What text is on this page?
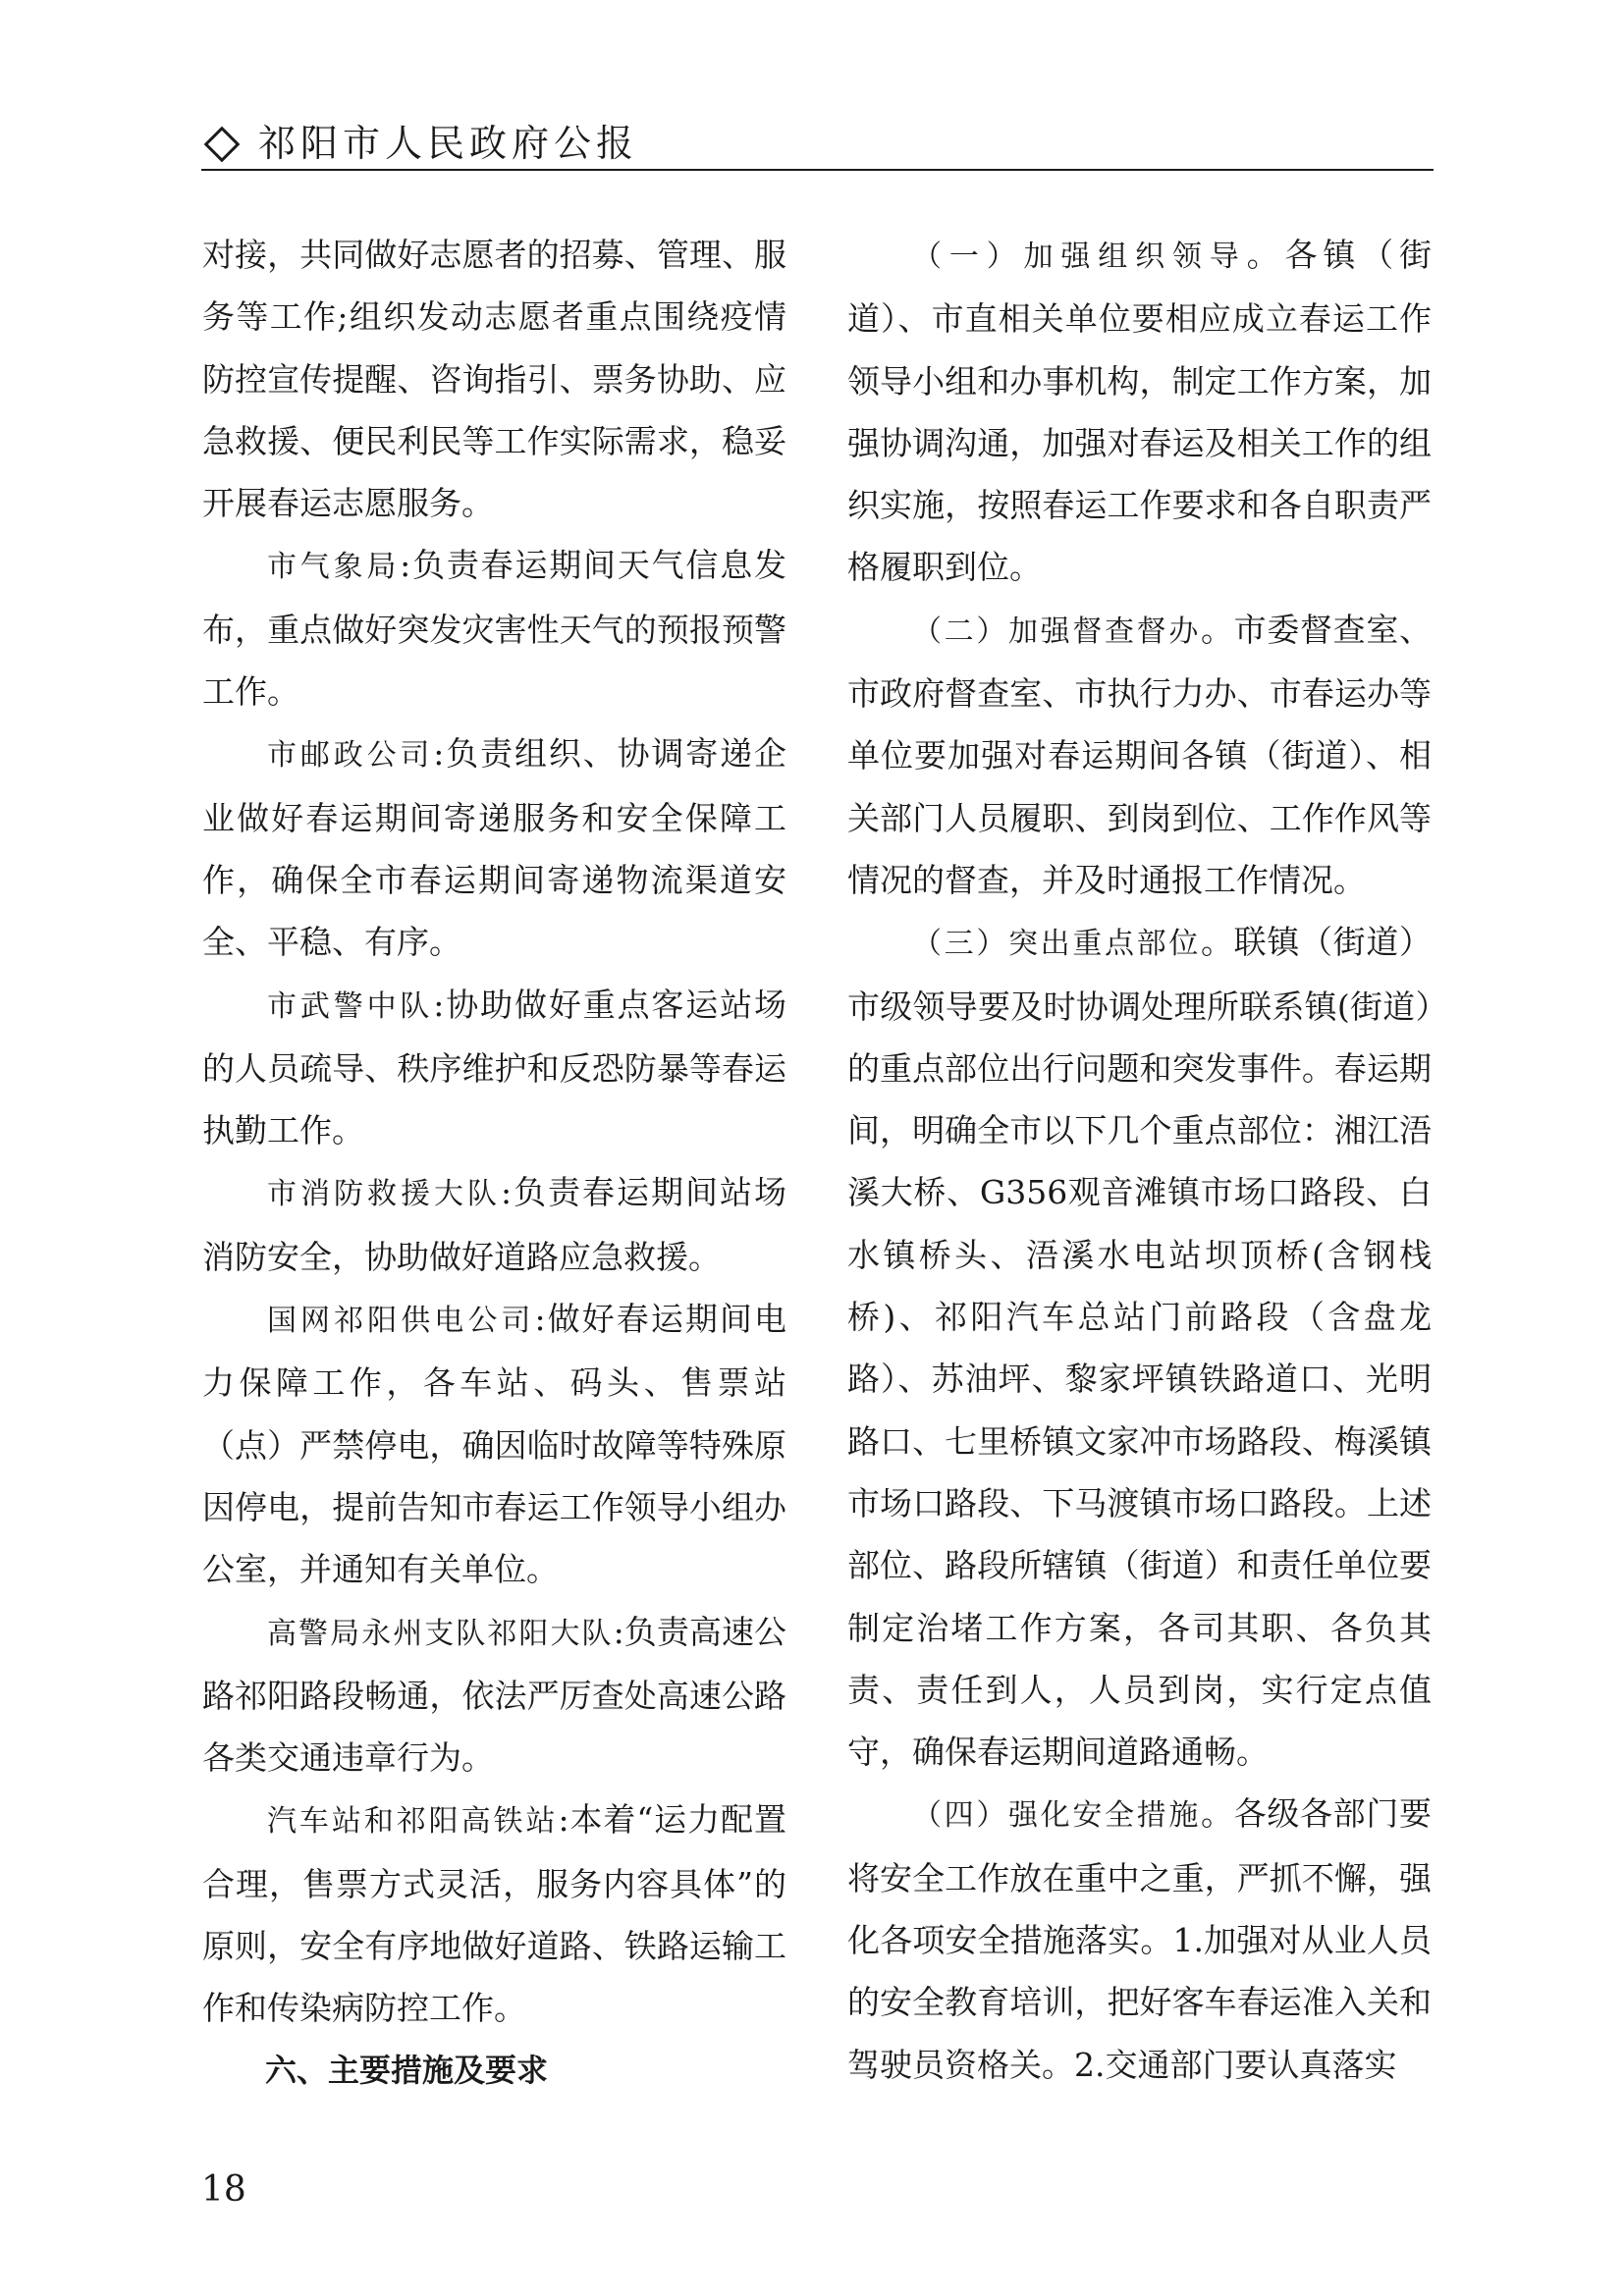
祁阳市人民政府公报

对接，共同做好志愿者的招募、管理、服务等工作;组织发动志愿者重点围绕疫情防控宣传提醒、咨询指引、票务协助、应急救援、便民利民等工作实际需求，稳妥开展春运志愿服务。

市气象局:负责春运期间天气信息发布，重点做好突发灾害性天气的预报预警工作。

市邮政公司:负责组织、协调寄递企业做好春运期间寄递服务和安全保障工作，确保全市春运期间寄递物流渠道安全、平稳、有序。

市武警中队:协助做好重点客运站场的人员疏导、秩序维护和反恐防暴等春运执勤工作。

市消防救援大队:负责春运期间站场消防安全，协助做好道路应急救援。

国网祁阳供电公司:做好春运期间电力保障工作，各车站、码头、售票站（点）严禁停电，确因临时故障等特殊原因停电，提前告知市春运工作领导小组办公室，并通知有关单位。

高警局永州支队祁阳大队:负责高速公路祁阳路段畅通，依法严厉查处高速公路各类交通违章行为。

汽车站和祁阳高铁站:本着“运力配置合理，售票方式灵活，服务内容具体”的原则，安全有序地做好道路、铁路运输工作和传染病防控工作。

六、主要措施及要求

（一）加强组织领导。各镇（街道）、市直相关单位要相应成立春运工作领导小组和办事机构，制定工作方案，加强协调沟通，加强对春运及相关工作的组织实施，按照春运工作要求和各自职责严格履职到位。

（二）加强督查督办。市委督查室、市政府督查室、市执行力办、市春运办等单位要加强对春运期间各镇（街道）、相关部门人员履职、到岗到位、工作作风等情况的督查，并及时通报工作情况。

（三）突出重点部位。联镇（街道）市级领导要及时协调处理所联系镇(街道）的重点部位出行问题和突发事件。春运期间，明确全市以下几个重点部位：湘江浯溪大桥、G356观音滩镇市场口路段、白水镇桥头、浯溪水电站坝顶桥(含钢栈桥)、祁阳汽车总站门前路段（含盘龙路）、苏油坪、黎家坪镇铁路道口、光明路口、七里桥镇文家冲市场路段、梅溪镇市场口路段、下马渡镇市场口路段。上述部位、路段所辖镇（街道）和责任单位要制定治堵工作方案，各司其职、各负其责、责任到人，人员到岗，实行定点值守，确保春运期间道路通畅。

（四）强化安全措施。各级各部门要将安全工作放在重中之重，严抓不懈，强化各项安全措施落实。1.加强对从业人员的安全教育培训，把好客车春运准入关和驾驶员资格关。2.交通部门要认真落实

18
